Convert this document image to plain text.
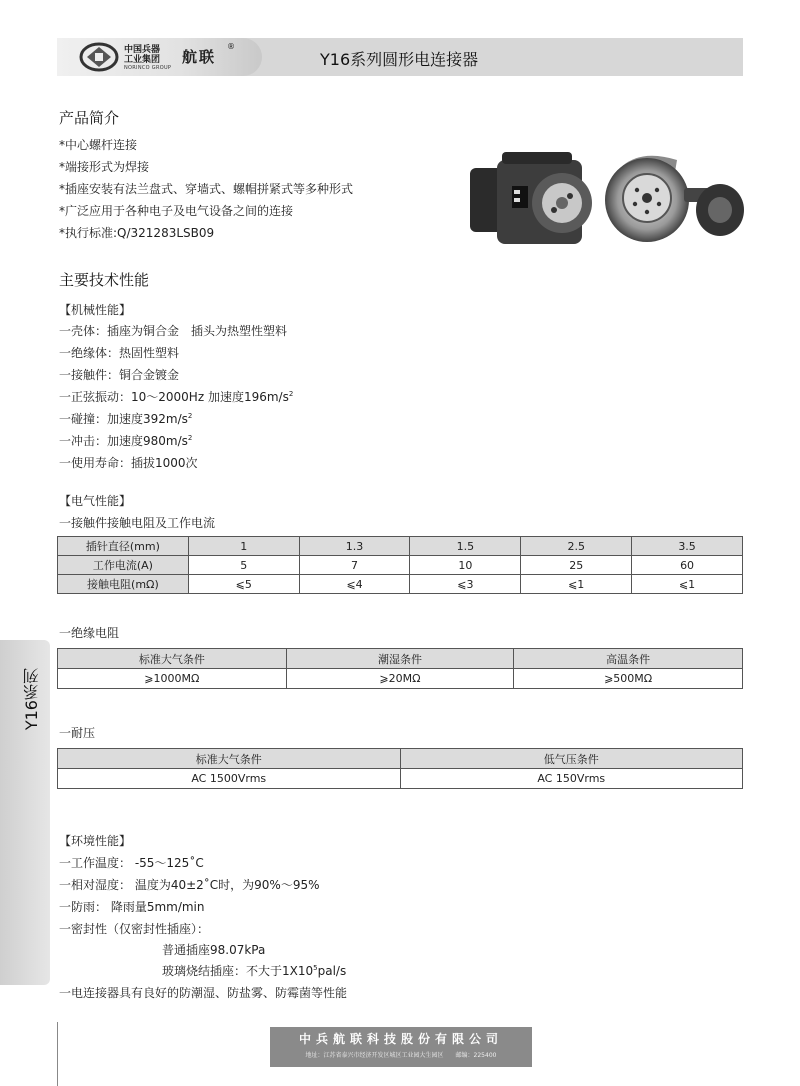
中国兵器
工业集团
NORINCO GROUP
航联
®
Y16系列圆形电连接器
Y16系列
产品简介
*中心螺杆连接
*端接形式为焊接
*插座安装有法兰盘式、穿墙式、螺帽拼紧式等多种形式
*广泛应用于各种电子及电气设备之间的连接
*执行标准:Q/321283LSB09
主要技术性能
【机械性能】
一壳体：插座为铜合金　插头为热塑性塑料
一绝缘体：热固性塑料
一接触件：铜合金镀金
一正弦振动：10～2000Hz 加速度$196m/s^2$
一碰撞：加速度$392m/s^2$
一冲击：加速度$980m/s^2$
一使用寿命：插拔1000次
【电气性能】
一接触件接触电阻及工作电流
插针直径(mm)	1	1.3	1.5	2.5	3.5
工作电流(A)	5	7	10	25	60
接触电阻(mΩ)	⩽5	⩽4	⩽3	⩽1	⩽1
一绝缘电阻
标准大气条件	潮湿条件	高温条件
⩾1000MΩ	⩾20MΩ	⩾500MΩ
一耐压
标准大气条件	低气压条件
AC 1500Vrms	AC 150Vrms
【环境性能】
一工作温度： -55～125˚C
一相对湿度： 温度为40±2˚C时，为90%～95%
一防雨： 降雨量5mm/min
一密封性（仅密封性插座）：
普通插座98.07kPa
玻璃烧结插座：不大于$1X10^5pal/s$
一电连接器具有良好的防潮湿、防盐雾、防霉菌等性能
中兵航联科技股份有限公司
地址：江苏省泰兴市经济开发区城区工业园大生园区　　邮编：225400
